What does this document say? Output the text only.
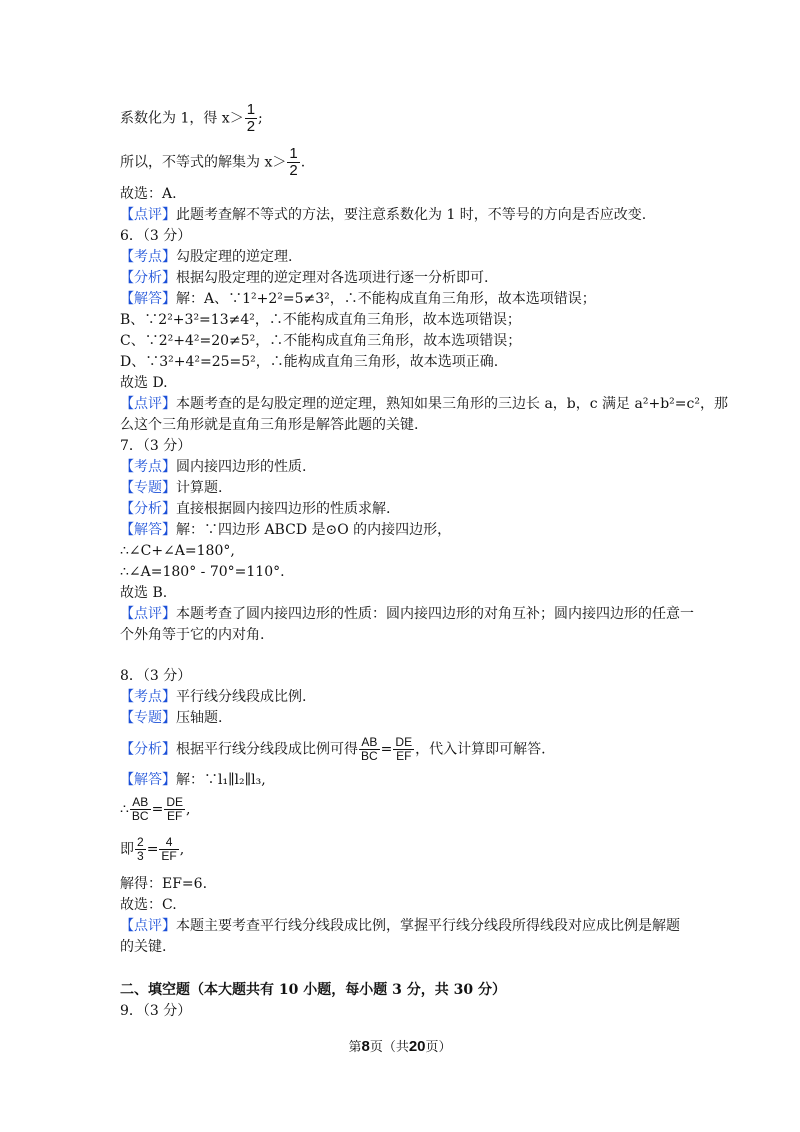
系数化为 1，得 $x> \frac{1}{2}$ ;
所以，不等式的解集为 $x> \frac{1}{2}$ .
故选：A.
【点评】此题考查解不等式的方法，要注意系数化为 1 时，不等号的方向是否应改变.
6．（3 分）
【考点】勾股定理的逆定理.
【分析】根据勾股定理的逆定理对各选项进行逐一分析即可.
【解答】解：A、∵1²+2²=5≠3²，∴不能构成直角三角形，故本选项错误；
B、∵2²+3²=13≠4²，∴不能构成直角三角形，故本选项错误；
C、∵2²+4²=20≠5²，∴不能构成直角三角形，故本选项错误；
D、∵3²+4²=25=5²，∴能构成直角三角形，故本选项正确.
故选 D.
【点评】本题考查的是勾股定理的逆定理，熟知如果三角形的三边长 a，b，c 满足 a²+b²=c²，那
么这个三角形就是直角三角形是解答此题的关键.
7．（3 分）
【考点】圆内接四边形的性质.
【专题】计算题.
【分析】直接根据圆内接四边形的性质求解.
【解答】解：∵四边形 ABCD 是⊙O 的内接四边形，
∴∠C+∠A=180°,
∴∠A=180° - 70°=110°.
故选 B.
【点评】本题考查了圆内接四边形的性质：圆内接四边形的对角互补；圆内接四边形的任意一
个外角等于它的内对角.
8．（3 分）
【考点】平行线分线段成比例.
【专题】压轴题.
【分析】根据平行线分线段成比例可得 $\frac{AB}{BC} = \frac{DE}{EF}$ ，代入计算即可解答.
【解答】解：∵l₁∥l₂∥l₃,
∴ $\frac{AB}{BC} = \frac{DE}{EF}$ ,
即 $\frac{2}{3} = \frac{4}{EF}$ ,
解得：EF=6.
故选：C.
【点评】本题主要考查平行线分线段成比例，掌握平行线分线段所得线段对应成比例是解题
的关键.
二、填空题（本大题共有 10 小题，每小题 3 分，共 30 分）
9．（3 分）
第8页（共20页）
